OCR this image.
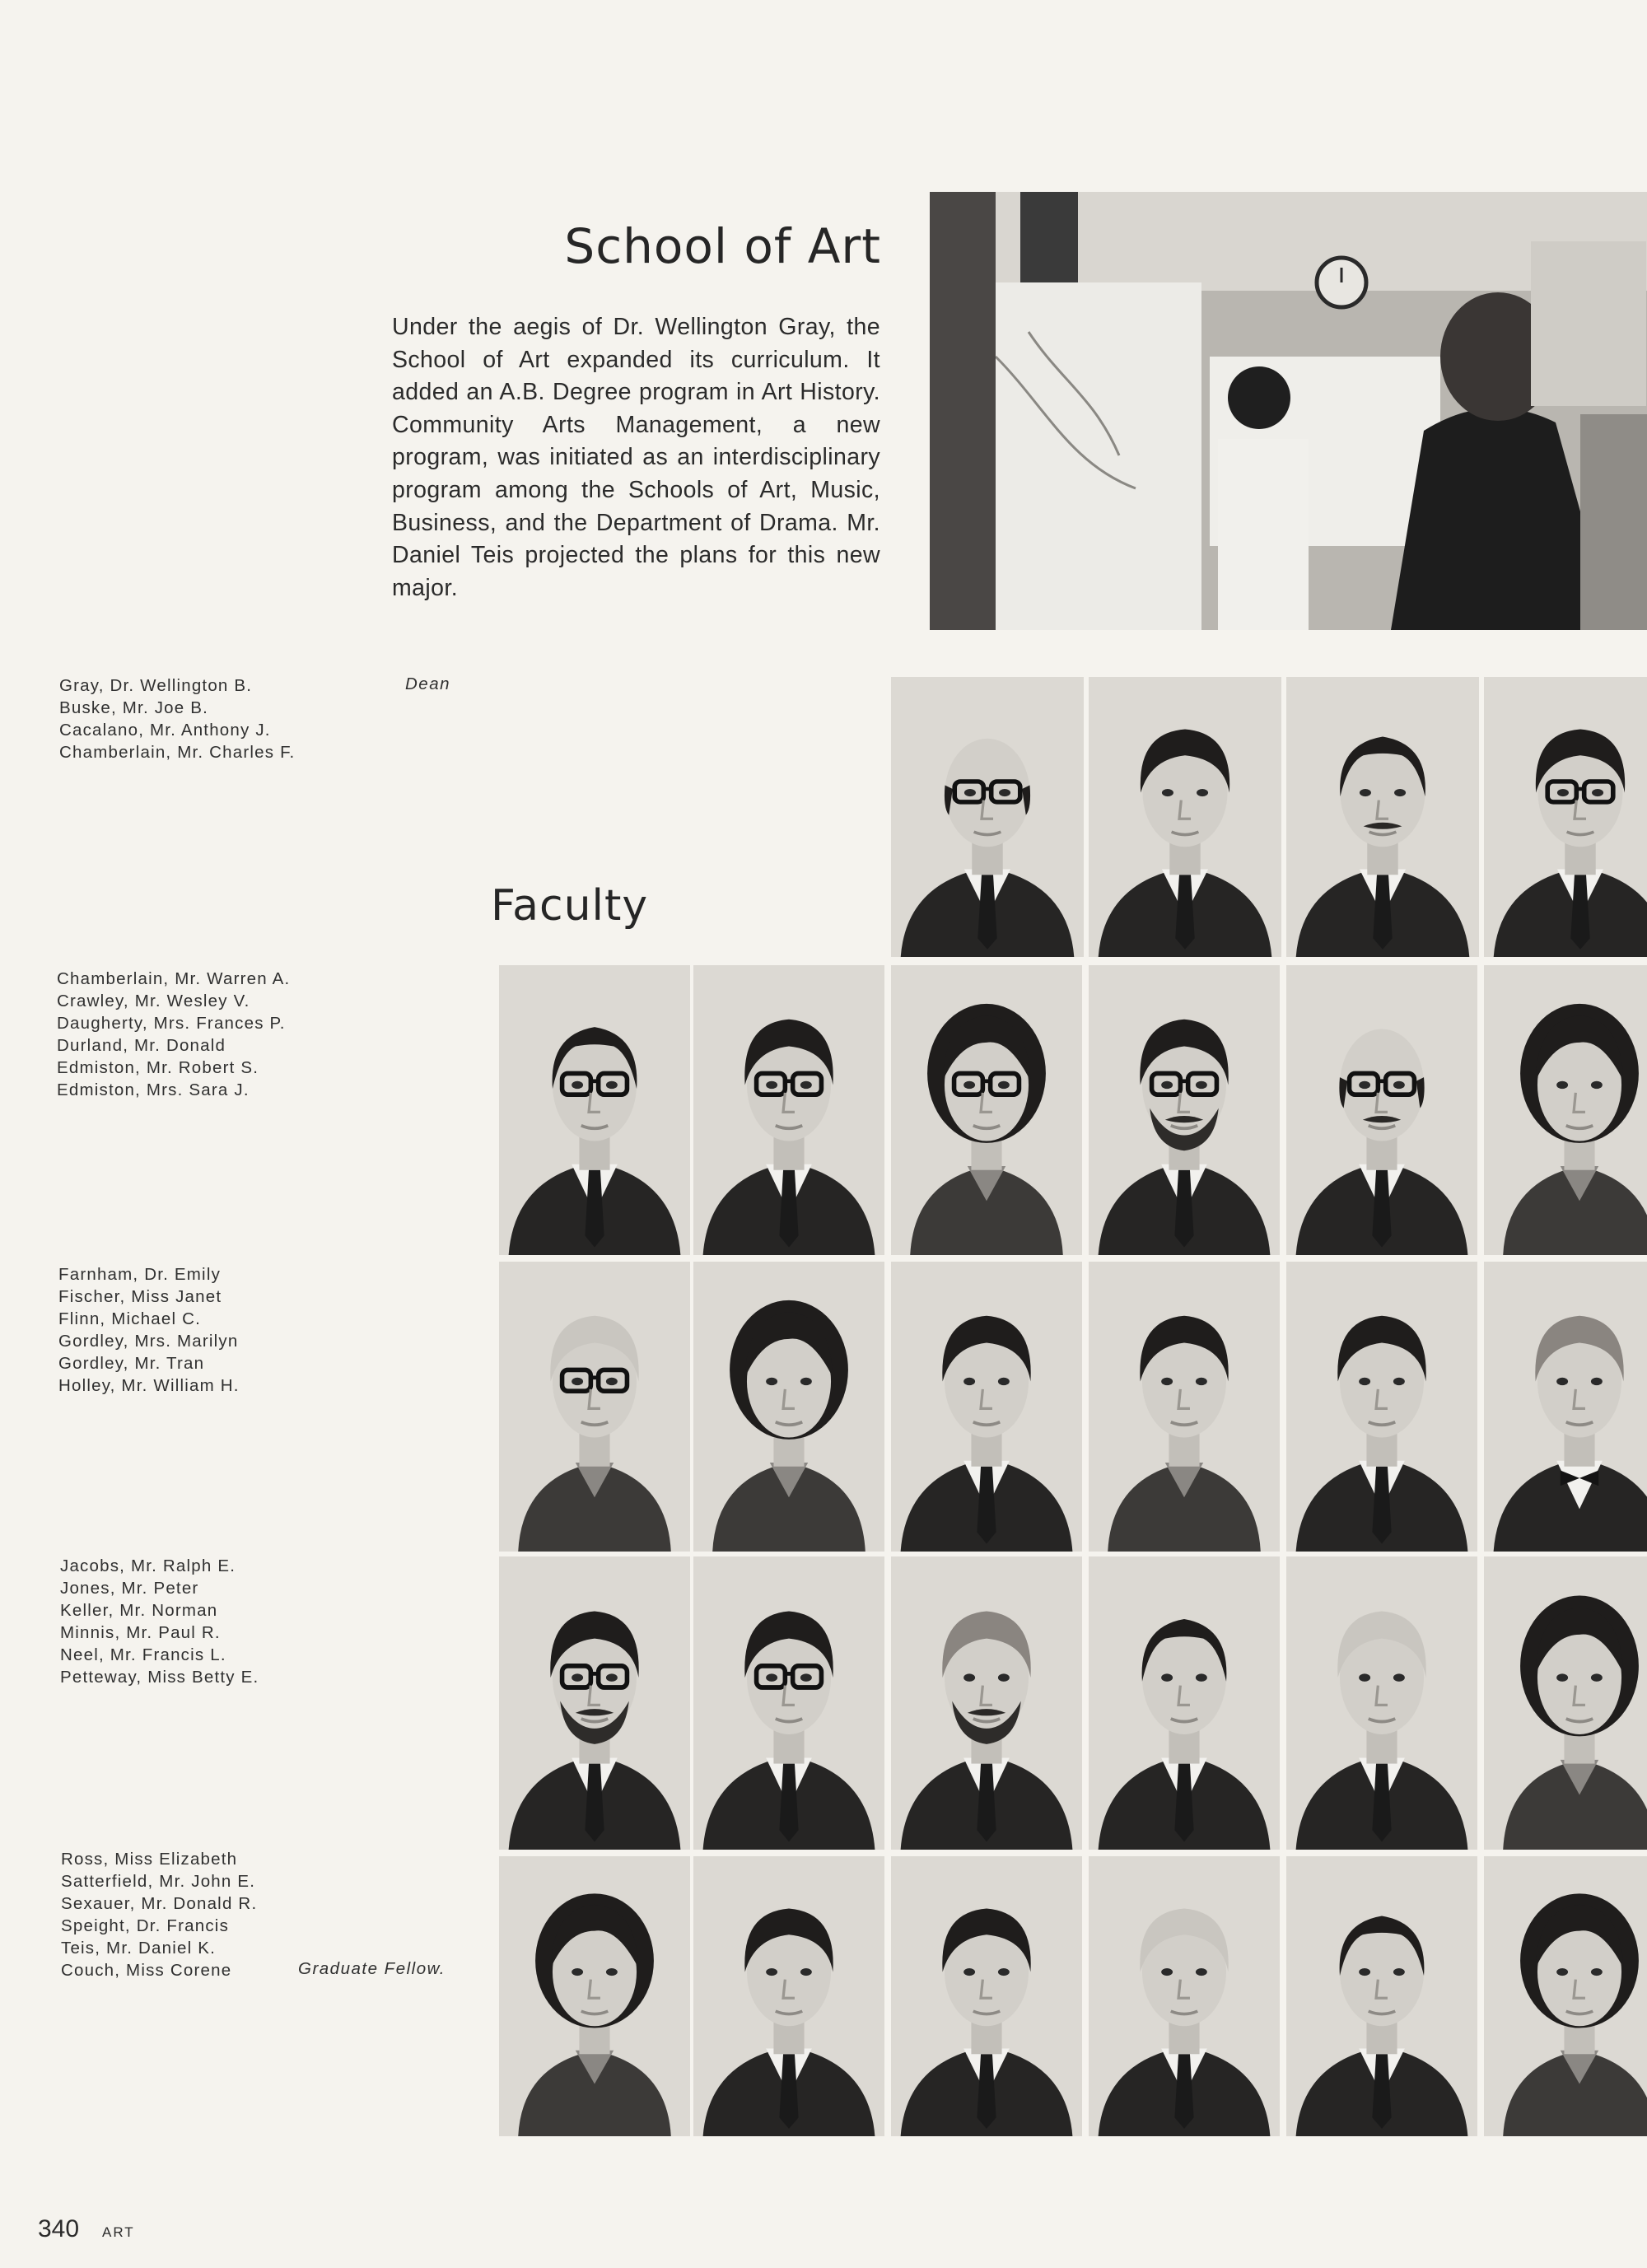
School of Art

Under the aegis of Dr. Wellington Gray, the School of Art expanded its curriculum. It added an A.B. Degree program in Art History. Community Arts Management, a new program, was initiated as an interdisciplinary program among the Schools of Art, Music, Business, and the Department of Drama. Mr. Daniel Teis projected the plans for this new major.

Faculty
Gray, Dr. Wellington B.
Buske, Mr. Joe B.
Cacalano, Mr. Anthony J.
Chamberlain, Mr. Charles F.
Dean
Chamberlain, Mr. Warren A.
Crawley, Mr. Wesley V.
Daugherty, Mrs. Frances P.
Durland, Mr. Donald
Edmiston, Mr. Robert S.
Edmiston, Mrs. Sara J.
Farnham, Dr. Emily
Fischer, Miss Janet
Flinn, Michael C.
Gordley, Mrs. Marilyn
Gordley, Mr. Tran
Holley, Mr. William H.
Jacobs, Mr. Ralph E.
Jones, Mr. Peter
Keller, Mr. Norman
Minnis, Mr. Paul R.
Neel, Mr. Francis L.
Petteway, Miss Betty E.
Ross, Miss Elizabeth
Satterfield, Mr. John E.
Sexauer, Mr. Donald R.
Speight, Dr. Francis
Teis, Mr. Daniel K.
Couch, Miss Corene	Graduate Fellow.
340 ART
